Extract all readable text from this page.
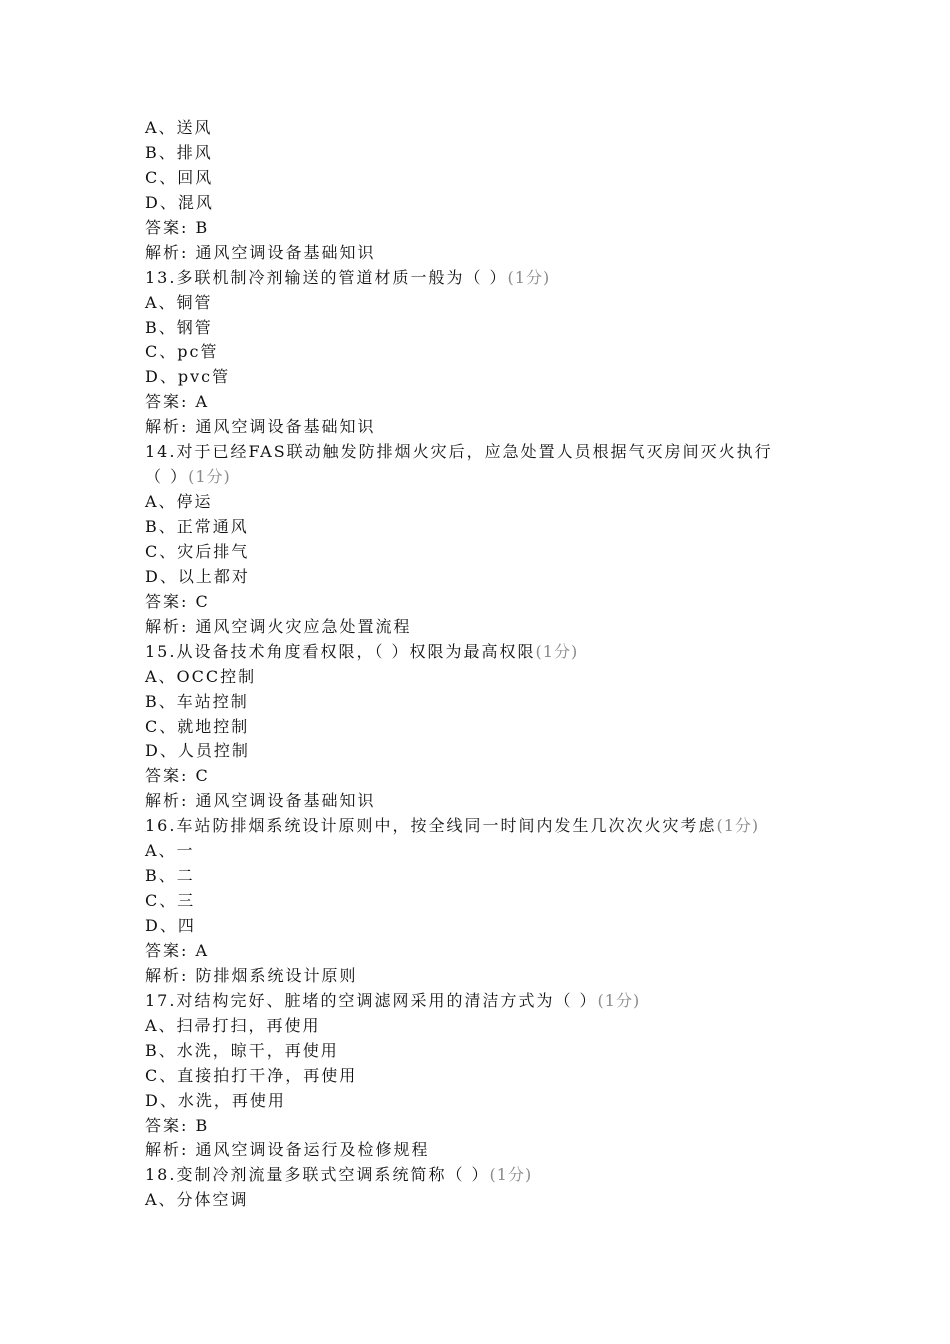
A、送风
B、排风
C、回风
D、混风
答案: B
解析: 通风空调设备基础知识
13.多联机制冷剂输送的管道材质一般为（ ）(1分)
A、铜管
B、钢管
C、pc管
D、pvc管
答案: A
解析: 通风空调设备基础知识
14.对于已经FAS联动触发防排烟火灾后，应急处置人员根据气灭房间灭火执行
（ ）(1分)
A、停运
B、正常通风
C、灾后排气
D、以上都对
答案: C
解析: 通风空调火灾应急处置流程
15.从设备技术角度看权限，（ ）权限为最高权限(1分)
A、OCC控制
B、车站控制
C、就地控制
D、人员控制
答案: C
解析: 通风空调设备基础知识
16.车站防排烟系统设计原则中，按全线同一时间内发生几次次火灾考虑(1分)
A、一
B、二
C、三
D、四
答案: A
解析: 防排烟系统设计原则
17.对结构完好、脏堵的空调滤网采用的清洁方式为（ ）(1分)
A、扫帚打扫，再使用
B、水洗，晾干，再使用
C、直接拍打干净，再使用
D、水洗，再使用
答案: B
解析: 通风空调设备运行及检修规程
18.变制冷剂流量多联式空调系统简称（ ）(1分)
A、分体空调
